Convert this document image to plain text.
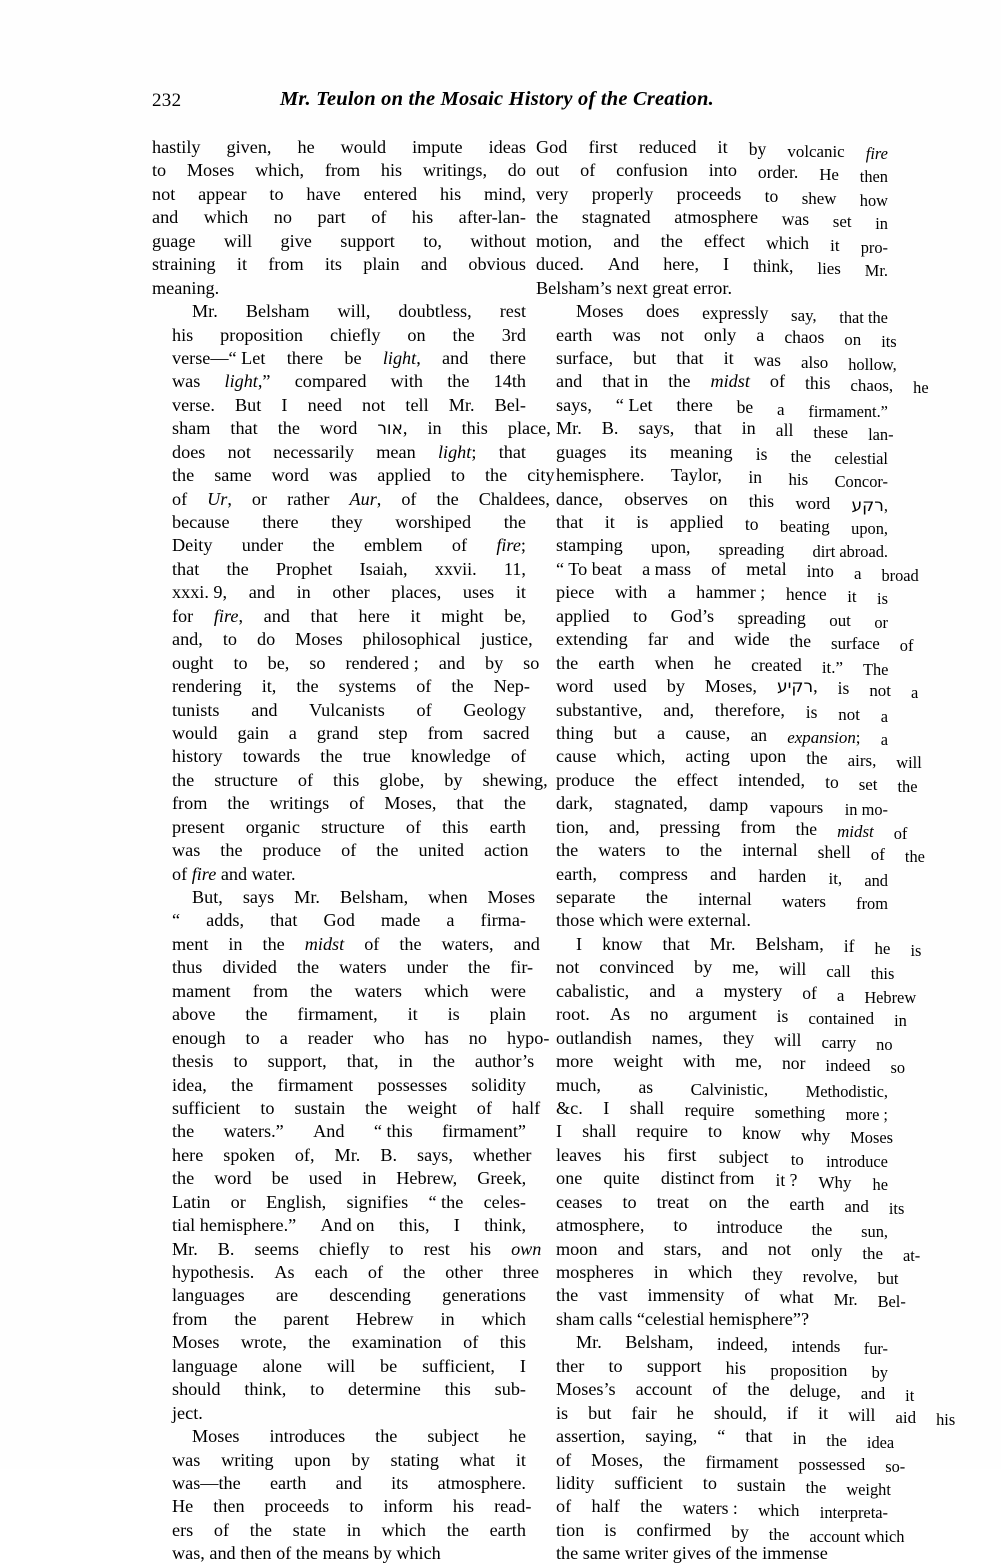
232	Mr. Teulon on the Mosaic History of the Creation.

hastily given, he would impute ideas
to Moses which, from his writings, do
not appear to have entered his mind,
and which no part of his after-lan-
guage will give support to, without
straining it from its plain and obvious
meaning.

Mr.	Belsham	will,	doubtless,	rest
his	proposition	chiefly	on	the	3rd
verse—“ Let	there	be	light,	and	there
was	light,”	compared	with	the	14th
verse.	But	I	need	not	tell	Mr.	Bel-
sham	that	the	word	אור,	in	this	place,
does	not	necessarily	mean	light;	that
the	same	word	was	applied	to	the	city
of	Ur,	or	rather	Aur,	of	the	Chaldees,
because	there	they	worshiped	the
Deity	under	the	emblem	of	fire;
that	the	Prophet	Isaiah,	xxvii.	11,
xxxi. 9,	and	in	other	places,	uses	it
for	fire,	and	that	here	it	might	be,
and,	to	do	Moses	philosophical	justice,
ought	to	be,	so	rendered ;	and	by	so
rendering	it,	the	systems	of	the	Nep-
tunists	and	Vulcanists	of	Geology
would	gain	a	grand	step	from	sacred
history	towards	the	true	knowledge	of
the	structure	of	this	globe,	by	shewing,
from	the	writings	of	Moses,	that	the
present	organic	structure	of	this	earth
was	the	produce	of	the	united	action
of fire and water.

But,	says	Mr.	Belsham,	when	Moses
“	adds,	that	God	made	a	firma-
ment	in	the	midst	of	the	waters,	and
thus	divided	the	waters	under	the	fir-
mament	from	the	waters	which	were
above	the	firmament,	it	is	plain
enough	to	a	reader	who	has	no	hypo-
thesis	to	support,	that,	in	the	author’s
idea,	the	firmament	possesses	solidity
sufficient	to	sustain	the	weight	of	half
the	waters.”	And	“ this	firmament”
here	spoken	of,	Mr.	B.	says,	whether
the	word	be	used	in	Hebrew,	Greek,
Latin	or	English,	signifies	“ the	celes-
tial hemisphere.”	And on	this,	I	think,
Mr.	B.	seems	chiefly	to	rest	his	own
hypothesis.	As	each	of	the	other	three
languages	are	descending	generations
from	the	parent	Hebrew	in	which
Moses	wrote,	the	examination	of	this
language	alone	will	be	sufficient,	I
should	think,	to	determine	this	sub-
ject.

Moses	introduces	the	subject	he
was	writing	upon	by	stating	what	it
was—the	earth	and	its	atmosphere.
He	then	proceeds	to	inform	his	read-
ers	of	the	state	in	which	the	earth
was, and then of the means by which

God first reduced it by volcanic fire
out of confusion into order. He then
very properly proceeds to shew how
the stagnated atmosphere was set in
motion, and the effect which it pro-
duced. And here, I think, lies Mr.
Belsham’s next great error.

Moses	does	expressly	say,	that the
earth	was	not	only	a	chaos	on	its
surface,	but	that	it	was	also	hollow,
and	that in	the	midst	of	this	chaos,	he
says,	“ Let	there	be	a	firmament.”
Mr.	B.	says,	that	in	all	these	lan-
guages	its	meaning	is	the	celestial
hemisphere.	Taylor,	in	his	Concor-
dance,	observes	on	this	word	רקע,
that	it	is	applied	to	beating	upon,
stamping	upon,	spreading	dirt abroad.
“ To beat	a mass	of	metal	into	a	broad
piece	with	a	hammer ;	hence	it	is
applied	to	God’s	spreading	out	or
extending	far	and	wide	the	surface	of
the	earth	when	he	created	it.”	The
word	used	by	Moses,	רקיע,	is	not	a
substantive,	and,	therefore,	is	not	a
thing	but	a	cause,	an	expansion;	a
cause	which,	acting	upon	the	airs,	will
produce	the	effect	intended,	to	set	the
dark,	stagnated,	damp	vapours	in mo-
tion,	and,	pressing	from	the	midst	of
the	waters	to	the	internal	shell	of	the
earth,	compress	and	harden	it,	and
separate	the	internal	waters	from
those which were external.

I	know	that	Mr.	Belsham,	if	he	is
not	convinced	by	me,	will	call	this
cabalistic,	and	a	mystery	of	a	Hebrew
root.	As	no	argument	is	contained	in
outlandish	names,	they	will	carry	no
more	weight	with	me,	nor	indeed	so
much,	as	Calvinistic,	Methodistic,
&c.	I	shall	require	something	more ;
I	shall	require	to	know	why	Moses
leaves	his	first	subject	to	introduce
one	quite	distinct from	it ?	Why	he
ceases	to	treat	on	the	earth	and	its
atmosphere,	to	introduce	the	sun,
moon	and	stars,	and	not	only	the	at-
mospheres	in	which	they	revolve,	but
the	vast	immensity	of	what	Mr.	Bel-
sham calls “celestial hemisphere”?

Mr.	Belsham,	indeed,	intends	fur-
ther	to	support	his	proposition	by
Moses’s	account	of	the	deluge,	and	it
is	but	fair	he	should,	if	it	will	aid	his
assertion,	saying,	“	that	in	the	idea
of	Moses,	the	firmament	possessed	so-
lidity	sufficient	to	sustain	the	weight
of	half	the	waters :	which	interpreta-
tion	is	confirmed	by	the	account which
the same writer gives of the immense
